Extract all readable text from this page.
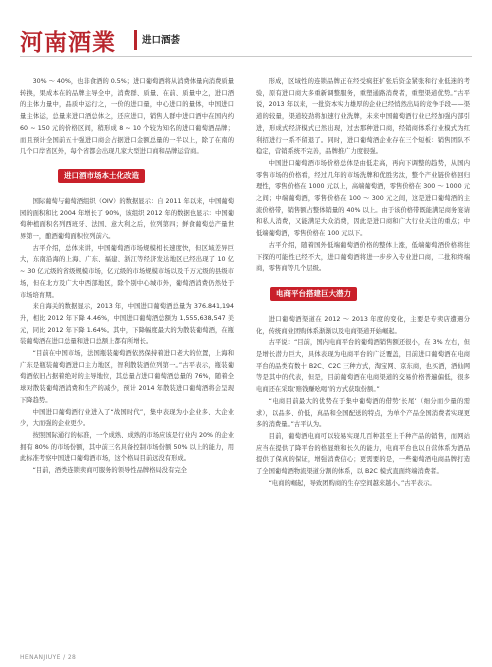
河南酒業	进口酒荟

30% ～ 40%，也非食酒的 0.5%；进口葡萄酒将从消费体量向消费质量转换，果成本在的品牌主导全中，消费群、质量、在前、质量中之，进口酒的主体力量中，品质中运行之，一价的进口量，中心进口的量体，中国进口量主体运，总量来进口酒总体之，还应进口，销售人群中进口酒中在国内约 60 ~ 150 元的价格区间，稍形成 8 ~ 10 个较为知名的进口葡萄酒品牌；而且预计全国前五十强进口商会占据进口金额总量的一半以上，除了在南的几个口岸省区外，每个省都会出现几家大型进口商和品牌运营商。

进口酒市场本土化改造

国际葡萄与葡萄酒组织（OIV）的数据显示：自 2011 年以来，中国葡萄园的面积和比 2004 年增长了 90%，该组织 2012 年的数据也显示：中国葡萄种植面积名列西班牙、法国、意大利之后，位列第四；鲜食葡萄总产量世界第一，酿酒葡萄面积位列前六。

古平介绍，总体来讲，中国葡萄酒市场规模相长速度快，但区域差异巨大，东南沿海的上海、广东、福建、浙江等经济发达地区已经出现了 10 亿 ~ 30 亿元级的省级规模市场，亿元级的市场规模市场以及千万元级的县级市场，但在北方及广大中西部地区，除个别中心城市外，葡萄酒消费仍然处于市场培育期。

来自海关的数据显示，2013 年，中国进口葡萄酒总量为 376.841,194 升，相比 2012 年下降 4.46%，中国进口葡萄酒总额为 1,555,638,547 美元，同比 2012 年下降 1.64%。其中，下降幅度最大的为散装葡萄酒，在瓶装葡萄酒在进口总量和进口总额上都有所增长。

“目前在中国市场，法国瓶装葡萄酒依然保持着进口老大的位置，上海和广东是瓶装葡萄酒进口主力地区，智利散装酒位列第一。”古平表示，瓶装葡萄酒依旧占据着绝对的主导地位，其总量占进口葡萄酒总量的 76%，随着全球对散装葡萄酒消费和生产的减少，预计 2014 年散装进口葡萄酒将会呈现下降趋势。

中国进口葡萄酒行业进入了“战国时代”，集中表现为小企业多、大企业少，大而强的企业更少。

按照国际通行的标准，一个成熟、成熟的市场应该是行业内 20% 的企业拥有 80% 的市场份额，其中前三名具备控制市场份额 50% 以上的能力，用此标准考察中国进口葡萄酒市场，这个格局目前远没有形成。

“目前，酒类连锁卖商可服务的领导性品牌格局没有完全

形成，区域性的连锁品牌正在经受疯狂扩张后资金紧张和行业低迷的考验，原有进口商大多重新调整服务，重塑通路消费者，重塑渠道优势。”古平说，2013 年以来，一批资本实力雄厚的企业已经悄然出局的竞争手段——渠道的较量，渠道较劲将加速行业洗牌，未来中国葡萄酒行业已经加强内部引进，形成式经济模式已然出现，过去那种进口商，经销商体系行业模式为红利招进行一系不留退了。同时，进口葡萄酒企业存在三个短板：销售团队不稳定，营销系统不完善，品牌推广力度很强。

中国进口葡萄酒市场价格总体是由低走高，再向下调整的趋势，从国内零售市场的价格看，经过几年的市场洗牌和优胜劣汰，整个产业链价格回归理性，零售价格在 1000 元以上，高端葡萄酒，零售价格在 300 ～ 1000 元之间；中端葡萄酒，零售价格在 100 ～ 300 元之间，这是进口葡萄酒的主流价格带，销售额占整体销量的 40% 以上。由于该价格带既能满足商务宴请和私人消费，又能满足大众消费，因此是进口商和广大行业关注的重点；中低端葡萄酒，零售价格在 100 元以下。

古平介绍，随着国外低端葡萄酒价格的整体上涨，低端葡萄酒价格将往下探的可能性已经不大，进口葡萄酒将进一步步入专业进口商，二批和终端商，零售商等几个层级。

电商平台搭建巨大潜力

进口葡萄酒渠道在 2012 ～ 2013 年度的变化，主要是专卖店遭遇分化，传统商业团购体系渐渐以及电商渠道开始崛起。

古平说：“目前，国内电商平台的葡萄酒销售额还很小，在 3% 左右，但是增长潜力巨大，具体表现为电商平台的广泛覆盖，目前进口葡萄酒在电商平台的品类有数十 B2C、C2C 三种方式，淘宝网、京东商，也买酒，酒仙网等是其中的代表，但是，目前葡萄酒在电商渠道的交易价格普遍偏低，很多电商还在采取‘赔钱赚吆喝’的方式获取份额。”

“电商目前最大的优势在于集中葡萄酒的借势‘长尾’（细分而少量的需求），以品多、价低，真品和全国配送的特点，为单个产品全国消费者实现更多的消费量。”古平认为。

目前，葡萄酒电商可以较易实现几百种甚至上千种产品的销售，而网站应当在提供了降平台的格显维和长久的能力，电商平台也以自营体系为酒品提供了保真的保证，增强消费信心；更需要的是，一些葡萄酒电商品牌打造了全国葡萄酒物流渠道分割的体系，以 B2C 模式直面终端消费者。

“电商的崛起，导致团购商的生存空间越来越小。”古平表示。

HENANJIUYE / 28
